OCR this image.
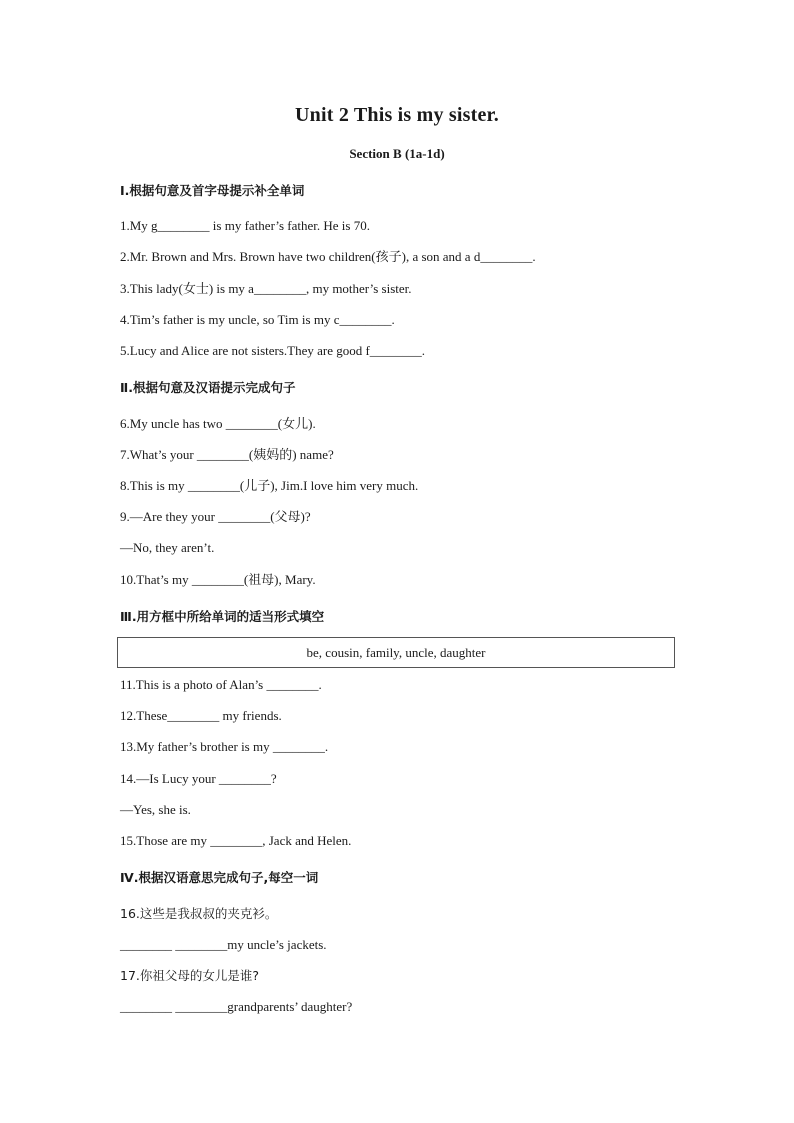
Unit 2 This is my sister.
Section B (1a-1d)
Ⅰ.根据句意及首字母提示补全单词
1.My g________ is my father’s father. He is 70.
2.Mr. Brown and Mrs. Brown have two children(孩子), a son and a d________.
3.This lady(女士) is my a________, my mother’s sister.
4.Tim’s father is my uncle, so Tim is my c________.
5.Lucy and Alice are not sisters.They are good f________.
Ⅱ.根据句意及汉语提示完成句子
6.My uncle has two ________(女儿).
7.What’s your ________(姨妈的) name?
8.This is my ________(儿子), Jim.I love him very much.
9.—Are they your ________(父母)?
—No, they aren’t.
10.That’s my ________(祖母), Mary.
Ⅲ.用方框中所给单词的适当形式填空
be, cousin, family, uncle, daughter
11.This is a photo of Alan’s ________.
12.These________ my friends.
13.My father’s brother is my ________.
14.—Is Lucy your ________?
—Yes, she is.
15.Those are my ________, Jack and Helen.
Ⅳ.根据汉语意思完成句子,每空一词
16.这些是我叔叔的夹克衫。
________ ________my uncle’s jackets.
17.你祖父母的女儿是谁?
________ ________grandparents’ daughter?
